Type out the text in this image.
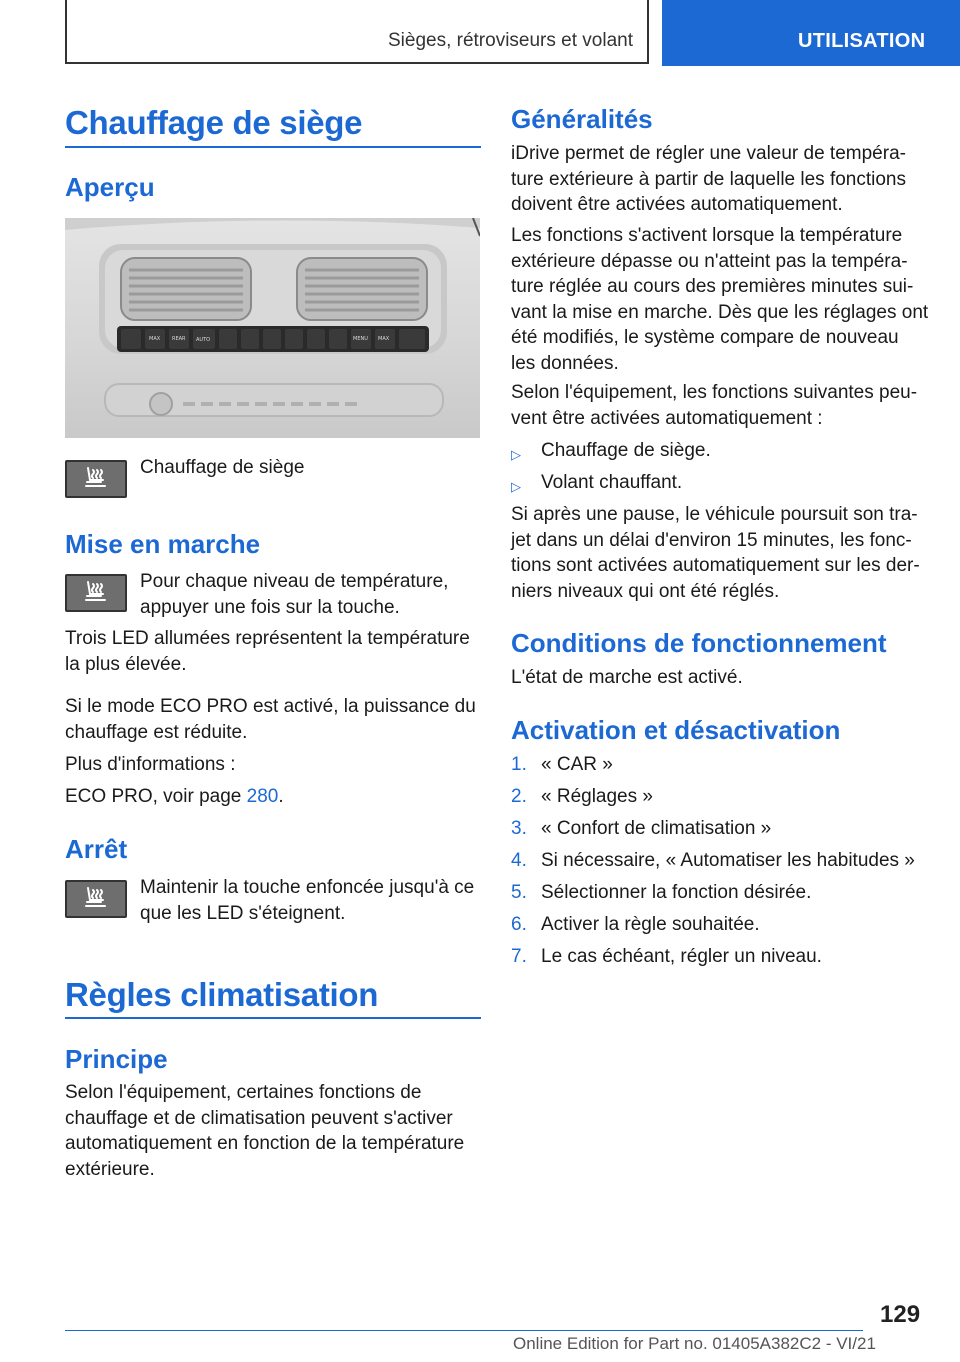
Sièges, rétroviseurs et volant	UTILISATION
Chauffage de siège
Aperçu
MAX REAR AUTO	MENU MAX
Chauffage de siège
Mise en marche
Pour chaque niveau de température,
appuyer une fois sur la touche.
Trois LED allumées représentent la température
la plus élevée.
Si le mode ECO PRO est activé, la puissance du
chauffage est réduite.
Plus d'informations :
ECO PRO, voir page 280.
Arrêt
Maintenir la touche enfoncée jusqu'à ce
que les LED s'éteignent.
Règles climatisation
Principe
Selon l'équipement, certaines fonctions de
chauffage et de climatisation peuvent s'activer
automatiquement en fonction de la température
extérieure.
Généralités
iDrive permet de régler une valeur de tempéra-
ture extérieure à partir de laquelle les fonctions
doivent être activées automatiquement.
Les fonctions s'activent lorsque la température
extérieure dépasse ou n'atteint pas la tempéra-
ture réglée au cours des premières minutes sui-
vant la mise en marche. Dès que les réglages ont
été modifiés, le système compare de nouveau
les données.
Selon l'équipement, les fonctions suivantes peu-
vent être activées automatiquement :
▷ Chauffage de siège.
▷ Volant chauffant.
Si après une pause, le véhicule poursuit son tra-
jet dans un délai d'environ 15 minutes, les fonc-
tions sont activées automatiquement sur les der-
niers niveaux qui ont été réglés.
Conditions de fonctionnement
L'état de marche est activé.
Activation et désactivation
1. « CAR »
2. « Réglages »
3. « Confort de climatisation »
4. Si nécessaire, « Automatiser les habitudes »
5. Sélectionner la fonction désirée.
6. Activer la règle souhaitée.
7. Le cas échéant, régler un niveau.
129
Online Edition for Part no. 01405A382C2 - VI/21
